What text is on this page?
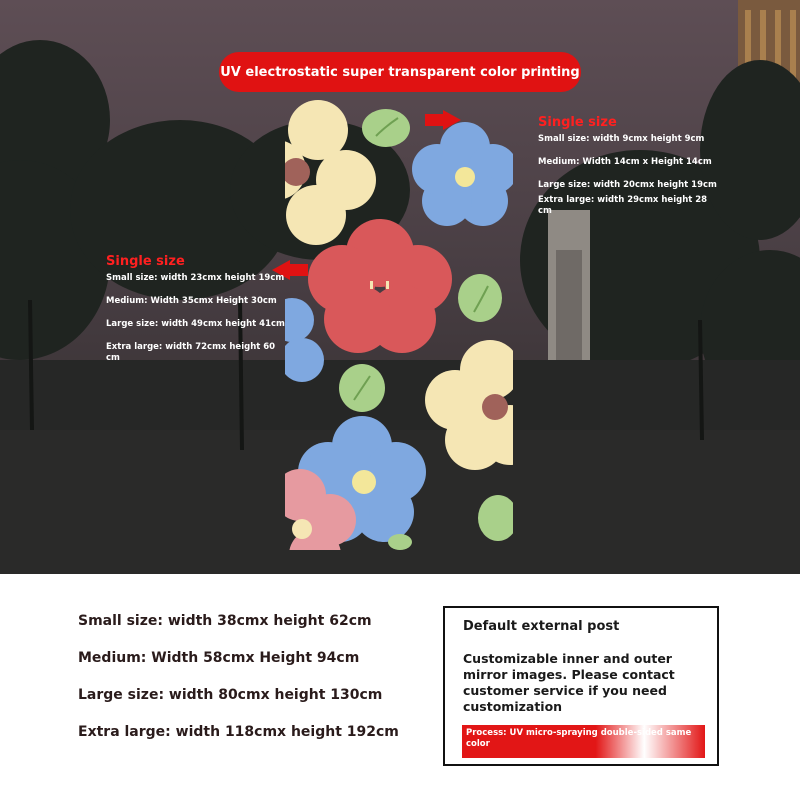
UV electrostatic super transparent color printing
Single size
Small size: width 9cmx height 9cm
Medium: Width 14cm x Height 14cm
Large size: width 20cmx height 19cm
Extra large: width 29cmx height 28 cm
Single size
Small size: width 23cmx height 19cm
Medium: Width 35cmx Height 30cm
Large size: width 49cmx height 41cm
Extra large: width 72cmx height 60 cm
Small size: width 38cmx height 62cm
Medium: Width 58cmx Height 94cm
Large size: width 80cmx height 130cm
Extra large: width 118cmx height 192cm
Default external post
Customizable inner and outer mirror images. Please contact customer service if you need customization
Process: UV micro-spraying double-sided same color
